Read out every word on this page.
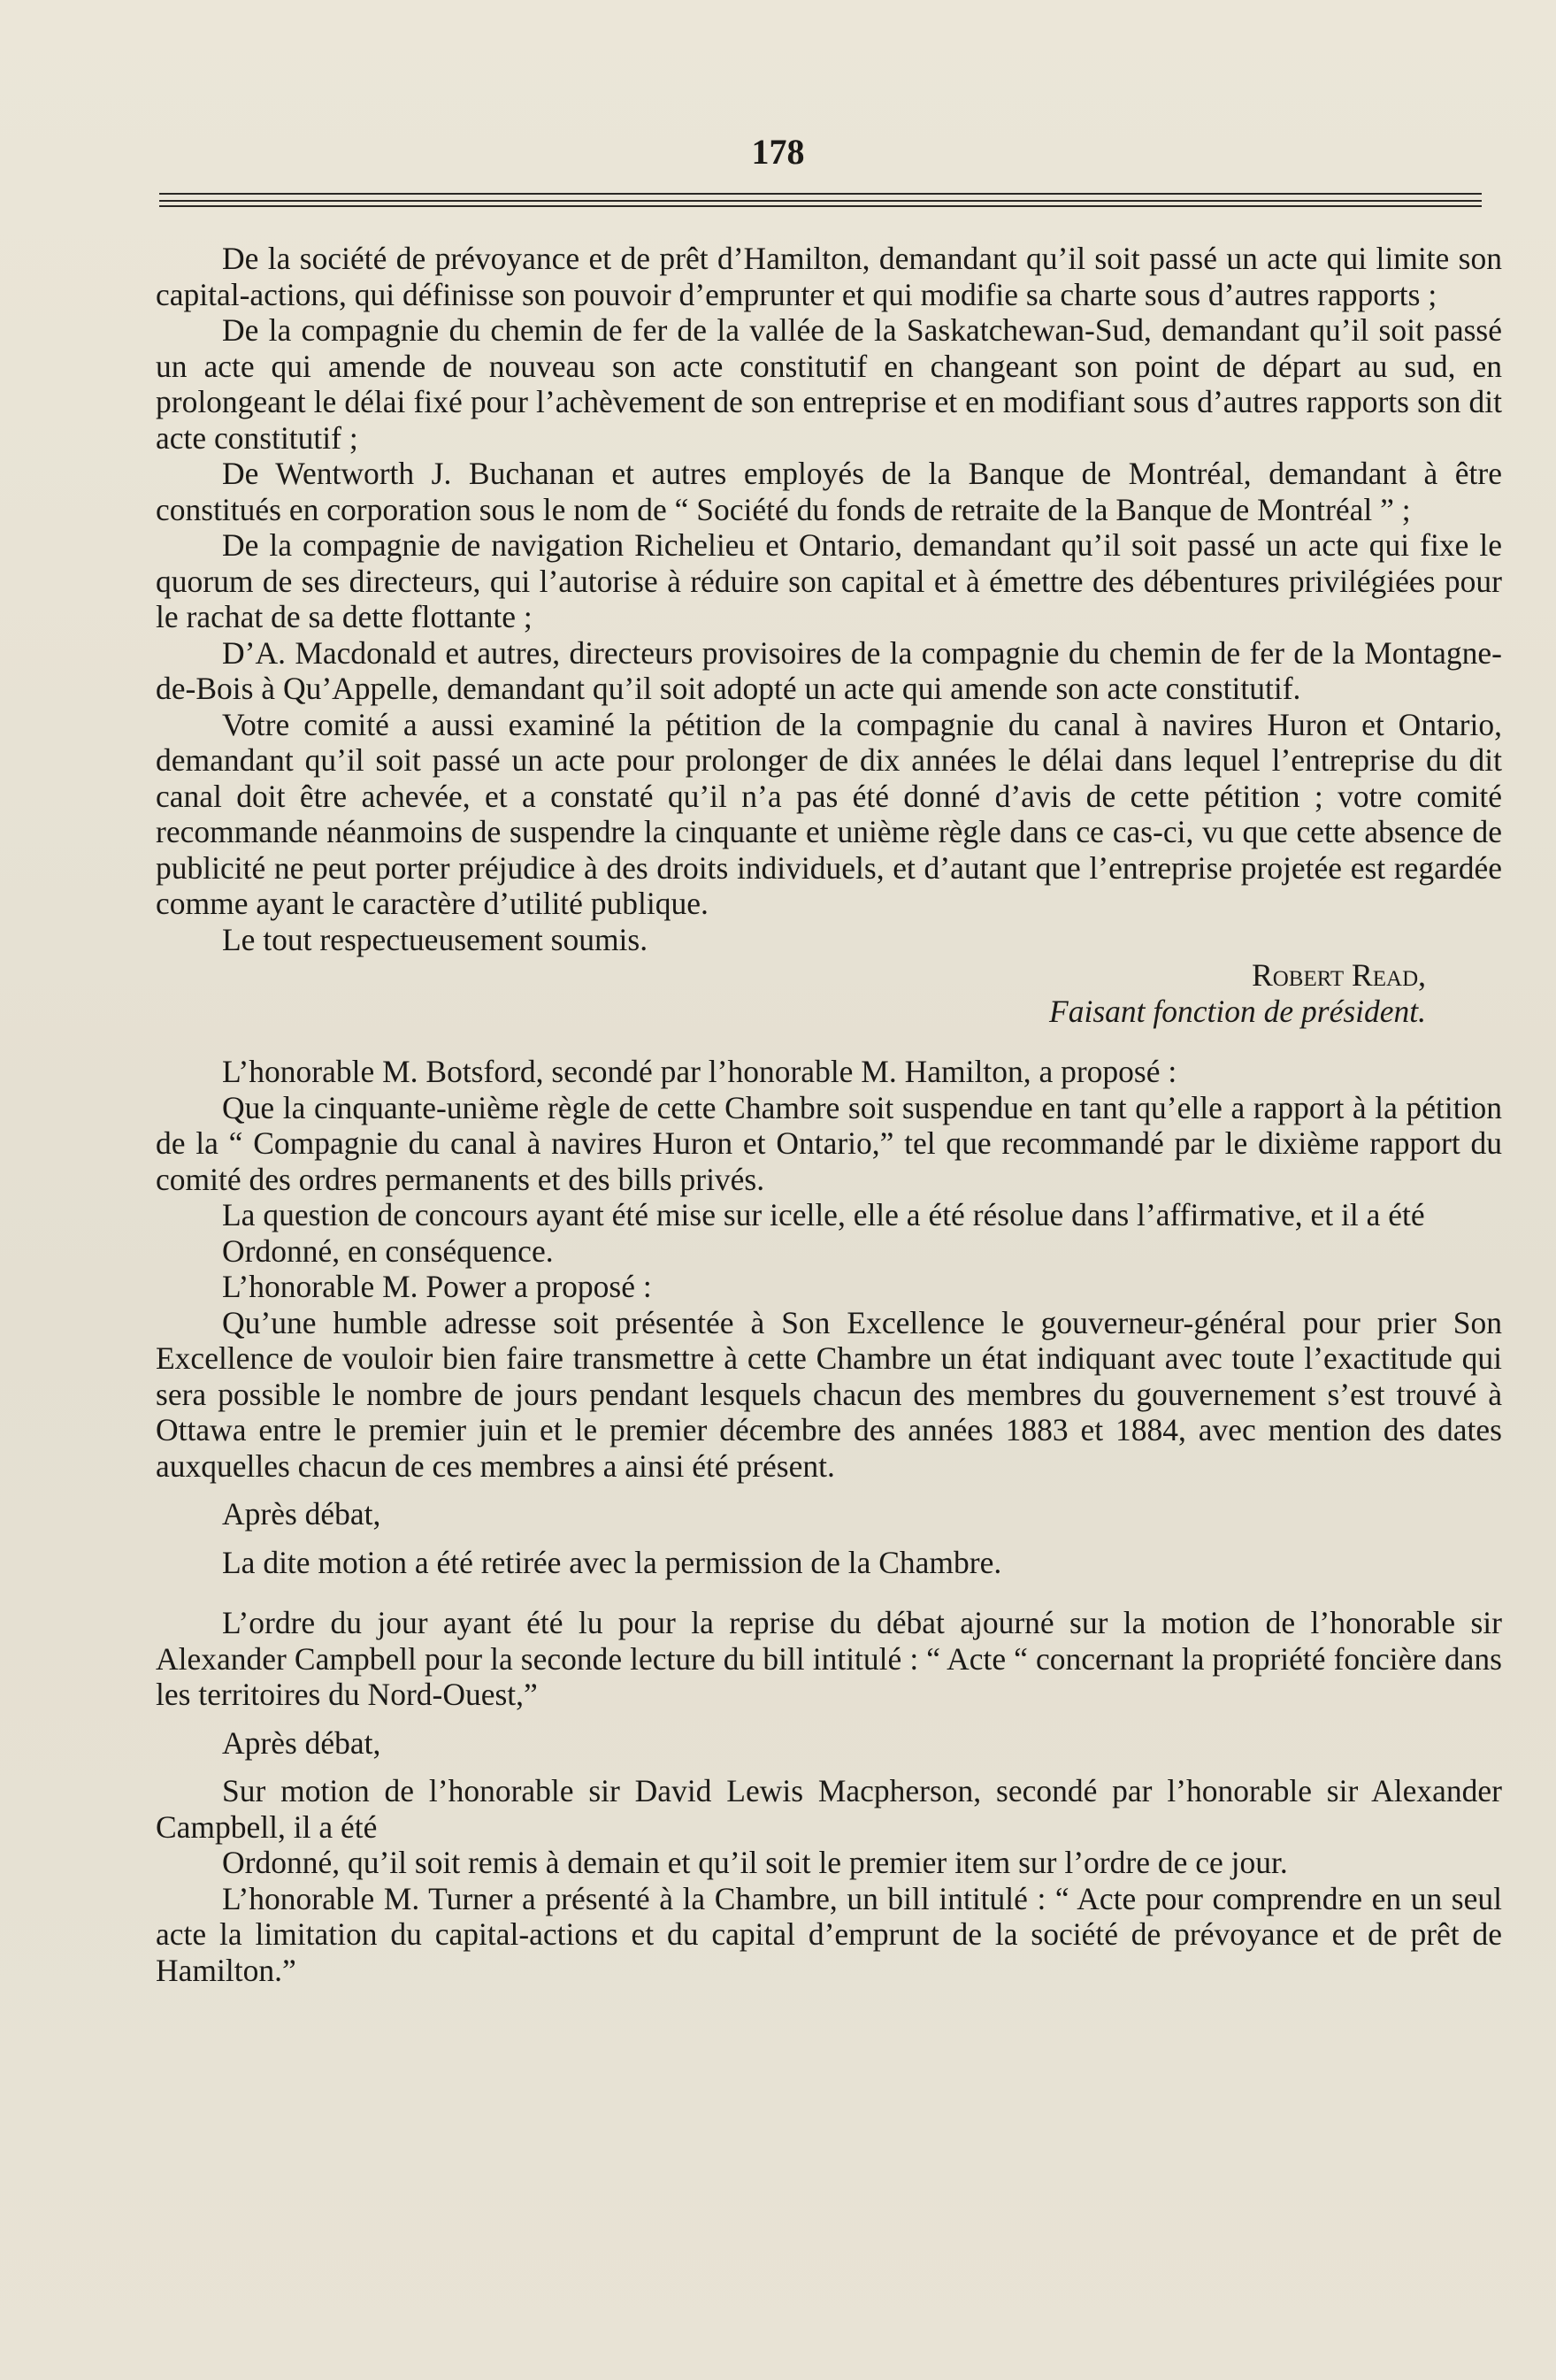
178

De la société de prévoyance et de prêt d’Hamilton, demandant qu’il soit passé un acte qui limite son capital-actions, qui définisse son pouvoir d’emprunter et qui modifie sa charte sous d’autres rapports ;

De la compagnie du chemin de fer de la vallée de la Saskatchewan-Sud, demandant qu’il soit passé un acte qui amende de nouveau son acte constitutif en changeant son point de départ au sud, en prolongeant le délai fixé pour l’achèvement de son entreprise et en modifiant sous d’autres rapports son dit acte constitutif ;

De Wentworth J. Buchanan et autres employés de la Banque de Montréal, demandant à être constitués en corporation sous le nom de “ Société du fonds de retraite de la Banque de Montréal ” ;

De la compagnie de navigation Richelieu et Ontario, demandant qu’il soit passé un acte qui fixe le quorum de ses directeurs, qui l’autorise à réduire son capital et à émettre des débentures privilégiées pour le rachat de sa dette flottante ;

D’A. Macdonald et autres, directeurs provisoires de la compagnie du chemin de fer de la Montagne-de-Bois à Qu’Appelle, demandant qu’il soit adopté un acte qui amende son acte constitutif.

Votre comité a aussi examiné la pétition de la compagnie du canal à navires Huron et Ontario, demandant qu’il soit passé un acte pour prolonger de dix années le délai dans lequel l’entreprise du dit canal doit être achevée, et a constaté qu’il n’a pas été donné d’avis de cette pétition ; votre comité recommande néanmoins de suspendre la cinquante et unième règle dans ce cas-ci, vu que cette absence de publicité ne peut porter préjudice à des droits individuels, et d’autant que l’entreprise projetée est regardée comme ayant le caractère d’utilité publique.

Le tout respectueusement soumis.

Robert Read,
Faisant fonction de président.

L’honorable M. Botsford, secondé par l’honorable M. Hamilton, a proposé :

Que la cinquante-unième règle de cette Chambre soit suspendue en tant qu’elle a rapport à la pétition de la “ Compagnie du canal à navires Huron et Ontario,” tel que recommandé par le dixième rapport du comité des ordres permanents et des bills privés.

La question de concours ayant été mise sur icelle, elle a été résolue dans l’affirmative, et il a été

Ordonné, en conséquence.

L’honorable M. Power a proposé :

Qu’une humble adresse soit présentée à Son Excellence le gouverneur-général pour prier Son Excellence de vouloir bien faire transmettre à cette Chambre un état indiquant avec toute l’exactitude qui sera possible le nombre de jours pendant lesquels chacun des membres du gouvernement s’est trouvé à Ottawa entre le premier juin et le premier décembre des années 1883 et 1884, avec mention des dates auxquelles chacun de ces membres a ainsi été présent.

Après débat,

La dite motion a été retirée avec la permission de la Chambre.

L’ordre du jour ayant été lu pour la reprise du débat ajourné sur la motion de l’honorable sir Alexander Campbell pour la seconde lecture du bill intitulé : “ Acte “ concernant la propriété foncière dans les territoires du Nord-Ouest,”

Après débat,

Sur motion de l’honorable sir David Lewis Macpherson, secondé par l’honorable sir Alexander Campbell, il a été

Ordonné, qu’il soit remis à demain et qu’il soit le premier item sur l’ordre de ce jour.

L’honorable M. Turner a présenté à la Chambre, un bill intitulé : “ Acte pour comprendre en un seul acte la limitation du capital-actions et du capital d’emprunt de la société de prévoyance et de prêt de Hamilton.”
